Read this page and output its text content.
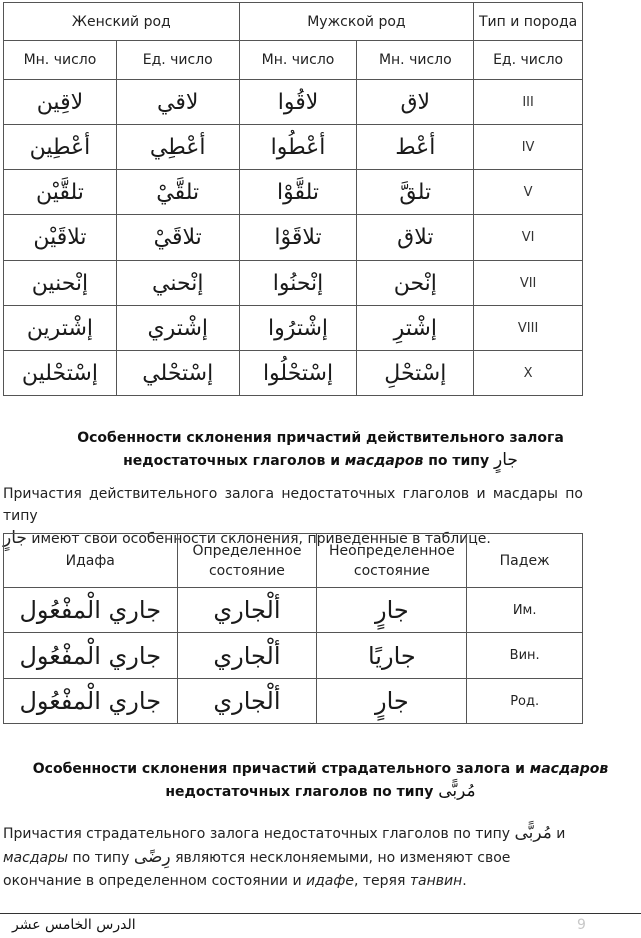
Женский род		Мужской род		Тип и порода
Мн. число	Ед. число	Мн. число	Мн. число	Ед. число
لاقِين	لاقي	لاقُوا	لاق	III
أعْطِين	أعْطِي	أعْطُوا	أعْط	IV
تلقَّيْن	تلقَّيْ	تلقَّوْا	تلقَّ	V
تلاقَيْن	تلاقَيْ	تلاقَوْا	تلاق	VI
إنْحنين	إنْحني	إنْحنُوا	إنْحن	VII
إشْترين	إشْتري	إشْترُوا	إشْترِ	VIII
إسْتحْلين	إسْتحْلي	إسْتحْلُوا	إسْتحْلِ	X
Особенности склонения причастий действительного залога
недостаточных глаголов и масдаров по типу جارٍ
Причастия действительного залога недостаточных глаголов и масдары по типу
جارٍ имеют свои особенности склонения, приведенные в таблице.
Идафа	Определенное состояние	Неопределенное состояние	Падеж
جاري الْمفْعُول	ألْجاري	جارٍ	Им.
جاري الْمفْعُول	ألْجاري	جاريًا	Вин.
جاري الْمفْعُول	ألْجاري	جارٍ	Род.
Особенности склонения причастий страдательного залога и масдаров
недостаточных глаголов по типу مُربًّى
Причастия страдательного залога недостаточных глаголов по типу مُربًّى и
масдары по типу رِضًى являются несклоняемыми, но изменяют свое
окончание в определенном состоянии и идафе, теряя танвин.
الدرس الخامس عشر	9
